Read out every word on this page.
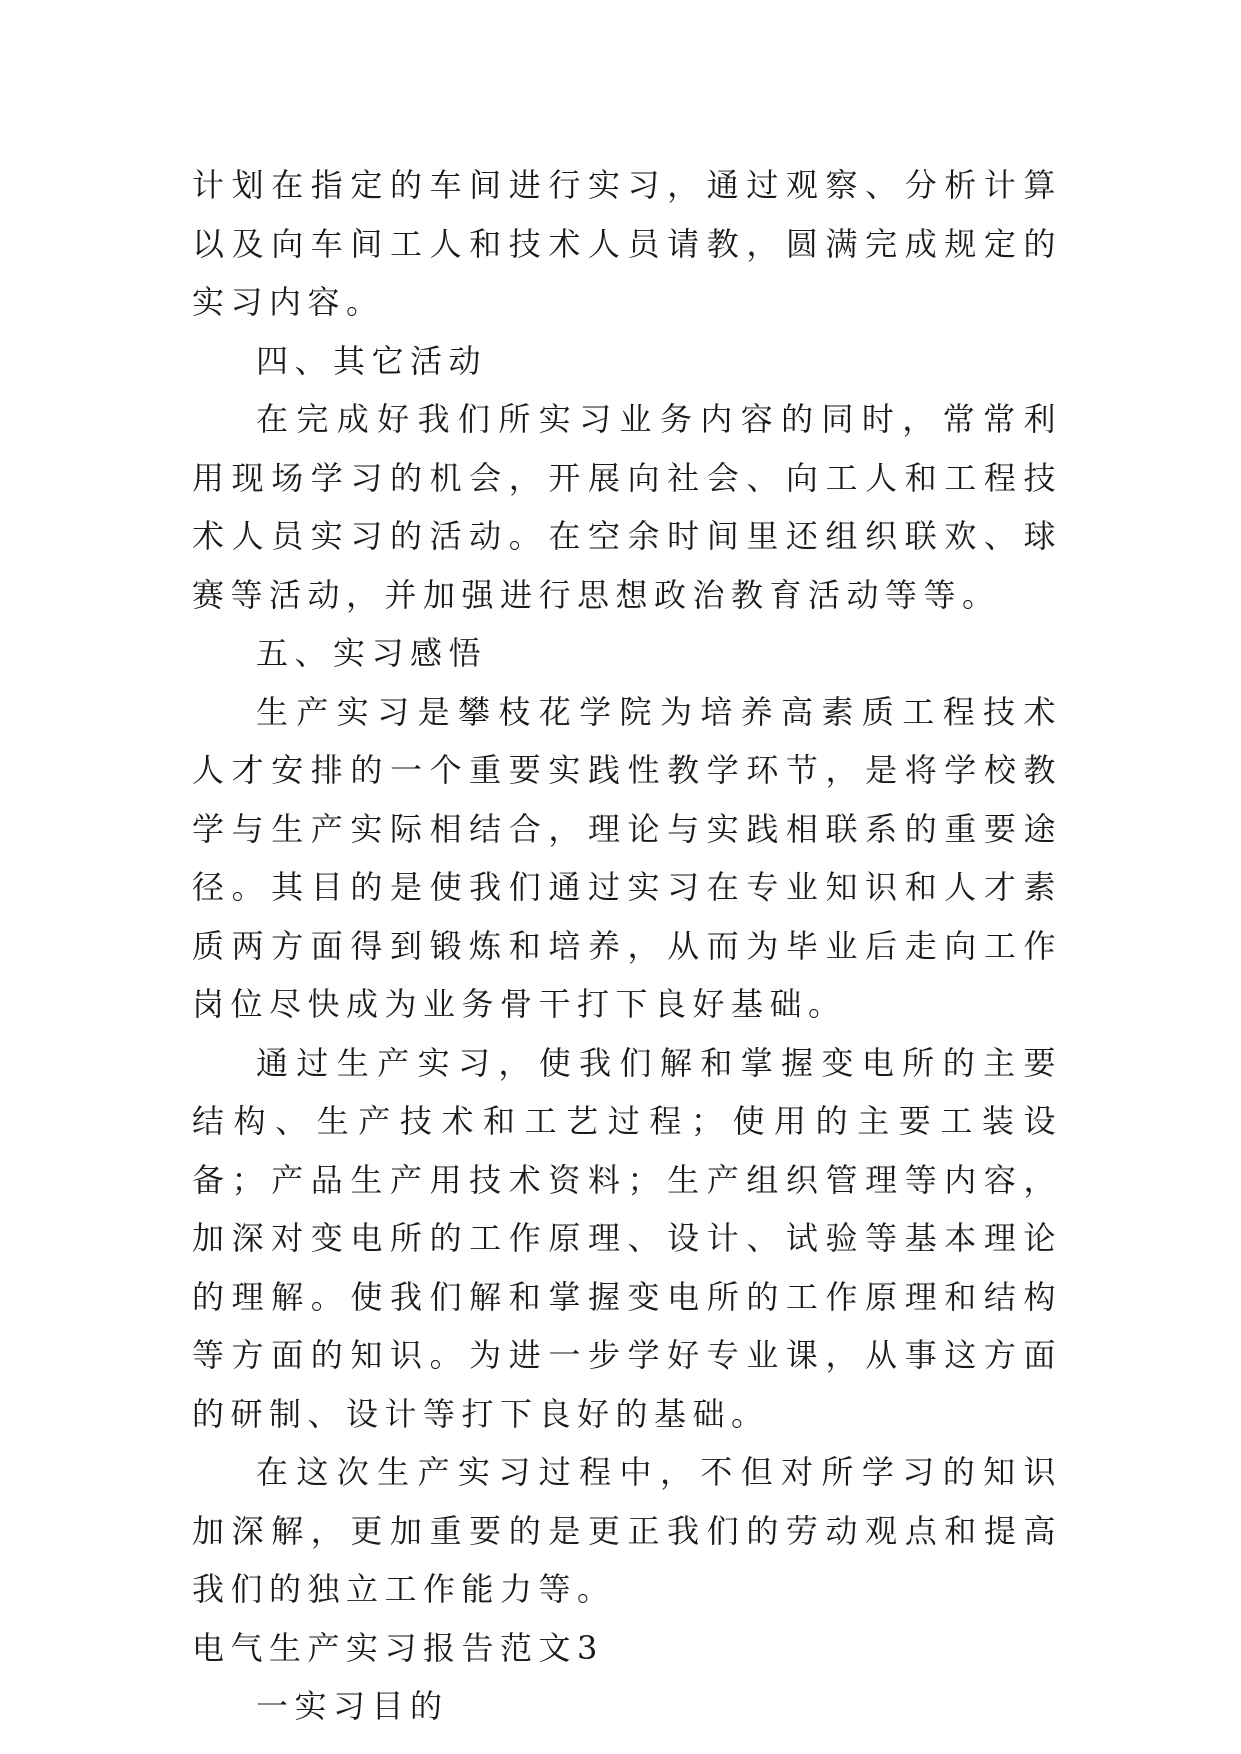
计划在指定的车间进行实习，通过观察、分析计算以及向车间工人和技术人员请教，圆满完成规定的实习内容。

四、其它活动

在完成好我们所实习业务内容的同时，常常利用现场学习的机会，开展向社会、向工人和工程技术人员实习的活动。在空余时间里还组织联欢、球赛等活动，并加强进行思想政治教育活动等等。

五、实习感悟

生产实习是攀枝花学院为培养高素质工程技术人才安排的一个重要实践性教学环节，是将学校教学与生产实际相结合，理论与实践相联系的重要途径。其目的是使我们通过实习在专业知识和人才素质两方面得到锻炼和培养，从而为毕业后走向工作岗位尽快成为业务骨干打下良好基础。

通过生产实习，使我们解和掌握变电所的主要结构、生产技术和工艺过程；使用的主要工装设备；产品生产用技术资料；生产组织管理等内容，加深对变电所的工作原理、设计、试验等基本理论的理解。使我们解和掌握变电所的工作原理和结构等方面的知识。为进一步学好专业课，从事这方面的研制、设计等打下良好的基础。

在这次生产实习过程中，不但对所学习的知识加深解，更加重要的是更正我们的劳动观点和提高我们的独立工作能力等。

电气生产实习报告范文3

一实习目的
